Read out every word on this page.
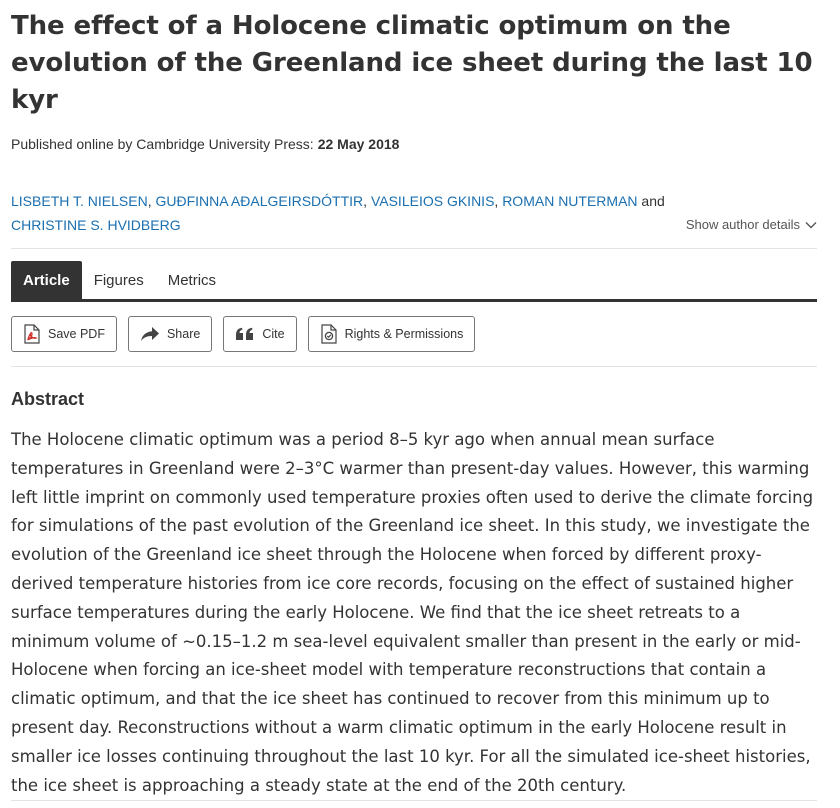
The effect of a Holocene climatic optimum on the evolution of the Greenland ice sheet during the last 10 kyr
Published online by Cambridge University Press: 22 May 2018
LISBETH T. NIELSEN, GUÐFINNA AÐALGEIRSDÓTTIR, VASILEIOS GKINIS, ROMAN NUTERMAN and
CHRISTINE S. HVIDBERG	Show author details
Article	Figures	Metrics
Save PDF	Share	Cite	Rights & Permissions
Abstract

The Holocene climatic optimum was a period 8–5 kyr ago when annual mean surface temperatures in Greenland were 2–3°C warmer than present-day values. However, this warming left little imprint on commonly used temperature proxies often used to derive the climate forcing for simulations of the past evolution of the Greenland ice sheet. In this study, we investigate the evolution of the Greenland ice sheet through the Holocene when forced by different proxy-derived temperature histories from ice core records, focusing on the effect of sustained higher surface temperatures during the early Holocene. We find that the ice sheet retreats to a minimum volume of ~0.15–1.2 m sea-level equivalent smaller than present in the early or mid-Holocene when forcing an ice-sheet model with temperature reconstructions that contain a climatic optimum, and that the ice sheet has continued to recover from this minimum up to present day. Reconstructions without a warm climatic optimum in the early Holocene result in smaller ice losses continuing throughout the last 10 kyr. For all the simulated ice-sheet histories, the ice sheet is approaching a steady state at the end of the 20th century.
